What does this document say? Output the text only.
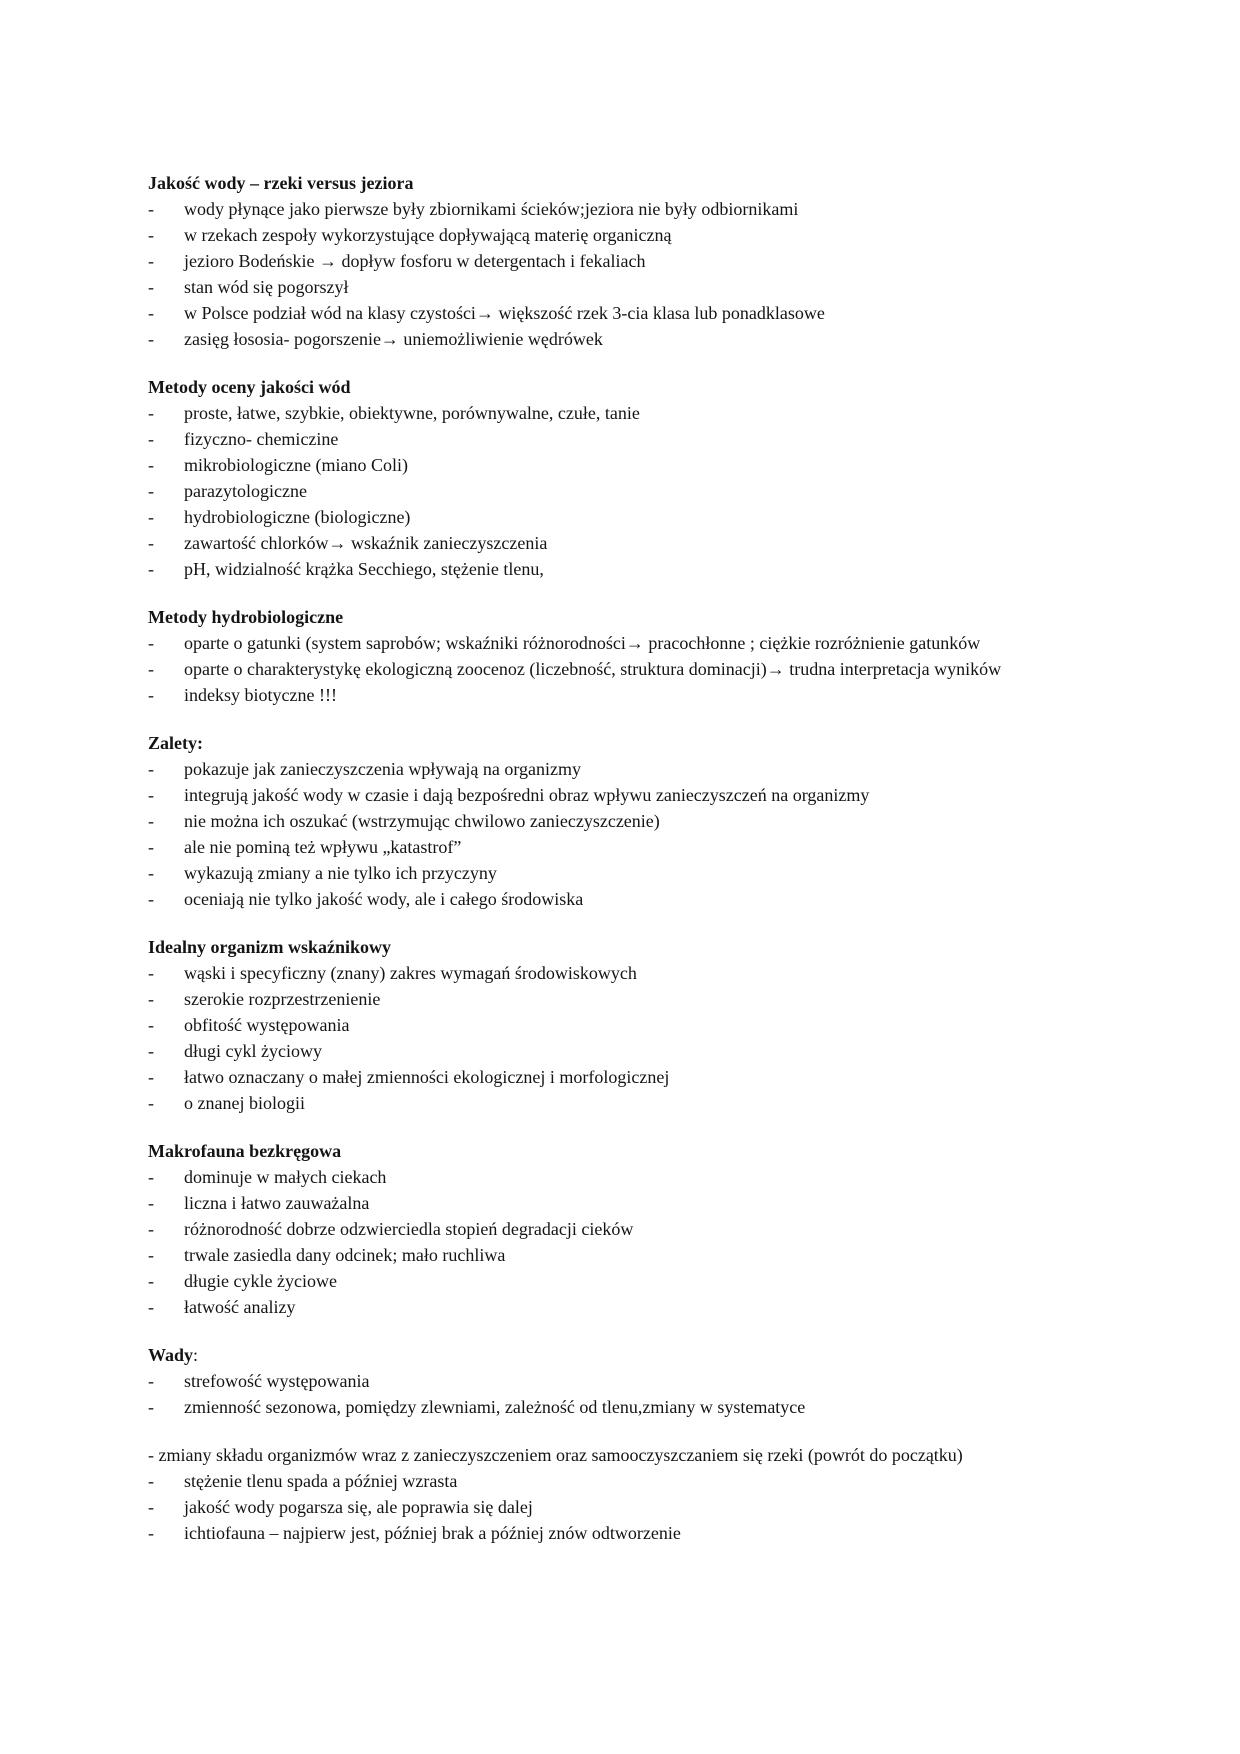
Jakość wody – rzeki versus jeziora
- wody płynące jako pierwsze były zbiornikami ścieków;jeziora nie były odbiornikami
- w rzekach zespoły wykorzystujące dopływającą materię organiczną
- jezioro Bodeńskie → dopływ fosforu w detergentach i fekaliach
- stan wód się pogorszył
- w Polsce podział wód na klasy czystości→ większość rzek 3-cia klasa lub ponadklasowe
- zasięg łososia- pogorszenie→ uniemożliwienie wędrówek
Metody oceny jakości wód
- proste, łatwe, szybkie, obiektywne, porównywalne, czułe, tanie
- fizyczno- chemiczine
- mikrobiologiczne (miano Coli)
- parazytologiczne
- hydrobiologiczne (biologiczne)
- zawartość chlorków→ wskaźnik zanieczyszczenia
- pH, widzialność krążka Secchiego, stężenie tlenu,
Metody hydrobiologiczne
- oparte o gatunki (system saprobów; wskaźniki różnorodności→ pracochłonne ; ciężkie rozróżnienie gatunków
- oparte o charakterystykę ekologiczną zoocenoz (liczebność, struktura dominacji)→ trudna interpretacja wyników
- indeksy biotyczne !!!
Zalety:
- pokazuje jak zanieczyszczenia wpływają na organizmy
- integrują jakość wody w czasie i dają bezpośredni obraz wpływu zanieczyszczeń na organizmy
- nie można ich oszukać (wstrzymując chwilowo zanieczyszczenie)
- ale nie pominą też wpływu „katastrof”
- wykazują zmiany a nie tylko ich przyczyny
- oceniają nie tylko jakość wody, ale i całego środowiska
Idealny organizm wskaźnikowy
- wąski i specyficzny (znany) zakres wymagań środowiskowych
- szerokie rozprzestrzenienie
- obfitość występowania
- długi cykl życiowy
- łatwo oznaczany o małej zmienności ekologicznej i morfologicznej
- o znanej biologii
Makrofauna bezkręgowa
- dominuje w małych ciekach
- liczna i łatwo zauważalna
- różnorodność dobrze odzwierciedla stopień degradacji cieków
- trwale zasiedla dany odcinek; mało ruchliwa
- długie cykle życiowe
- łatwość analizy
Wady:
- strefowość występowania
- zmienność sezonowa, pomiędzy zlewniami, zależność od tlenu,zmiany w systematyce

- zmiany składu organizmów wraz z zanieczyszczeniem oraz samooczyszczaniem się rzeki (powrót do początku)

- stężenie tlenu spada a później wzrasta
- jakość wody pogarsza się, ale poprawia się dalej
- ichtiofauna – najpierw jest, później brak a później znów odtworzenie
